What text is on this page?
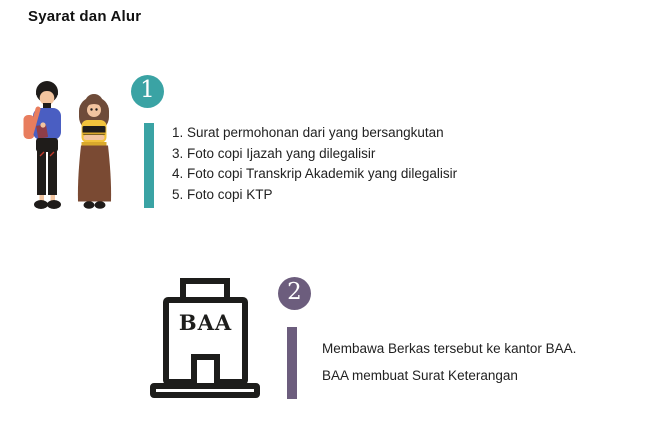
Syarat dan Alur
1
1. Surat permohonan dari yang bersangkutan
3. Foto copi Ijazah yang dilegalisir
4. Foto copi Transkrip Akademik yang dilegalisir
5. Foto copi KTP
BAA
2
Membawa Berkas tersebut ke kantor BAA.
BAA membuat Surat Keterangan
